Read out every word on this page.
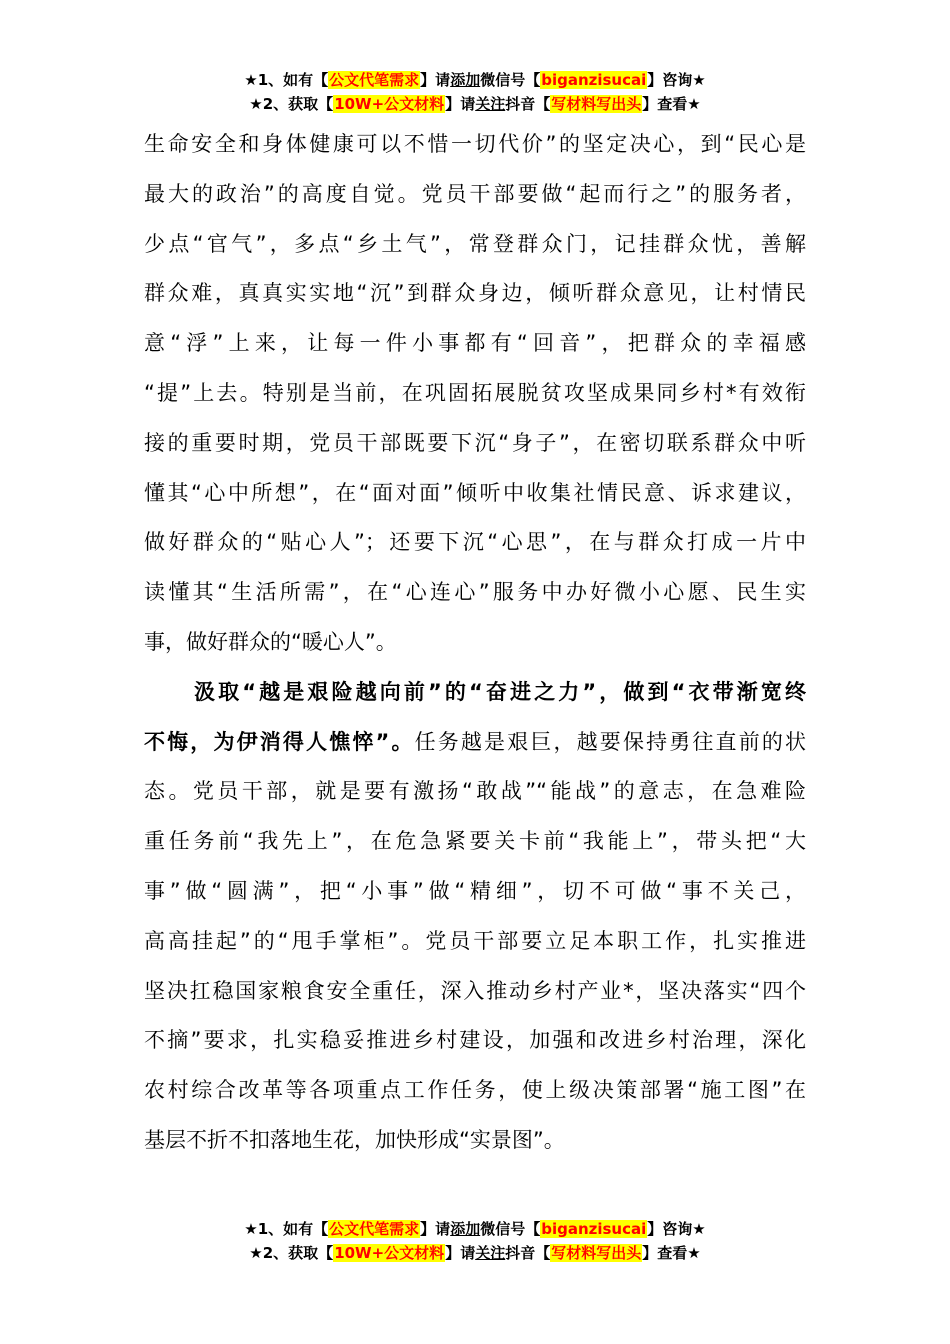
★1、如有【公文代笔需求】请添加微信号【biganzisucai】咨询★
★2、获取【10W+公文材料】请关注抖音【写材料写出头】查看★
生命安全和身体健康可以不惜一切代价”的坚定决心，到“民心是
最大的政治”的高度自觉。党员干部要做“起而行之”的服务者，
少点“官气”，多点“乡土气”，常登群众门，记挂群众忧，善解
群众难，真真实实地“沉”到群众身边，倾听群众意见，让村情民
意“浮”上来，让每一件小事都有“回音”，把群众的幸福感
“提”上去。特别是当前，在巩固拓展脱贫攻坚成果同乡村*有效衔
接的重要时期，党员干部既要下沉“身子”，在密切联系群众中听
懂其“心中所想”，在“面对面”倾听中收集社情民意、诉求建议，
做好群众的“贴心人”；还要下沉“心思”，在与群众打成一片中
读懂其“生活所需”，在“心连心”服务中办好微小心愿、民生实
事，做好群众的“暖心人”。
汲取“越是艰险越向前”的“奋进之力”，做到“衣带渐宽终
不悔，为伊消得人憔悴”。任务越是艰巨，越要保持勇往直前的状
态。党员干部，就是要有激扬“敢战”“能战”的意志，在急难险
重任务前“我先上”，在危急紧要关卡前“我能上”，带头把“大
事”做“圆满”，把“小事”做“精细”，切不可做“事不关己，
高高挂起”的“甩手掌柜”。党员干部要立足本职工作，扎实推进
坚决扛稳国家粮食安全重任，深入推动乡村产业*，坚决落实“四个
不摘”要求，扎实稳妥推进乡村建设，加强和改进乡村治理，深化
农村综合改革等各项重点工作任务，使上级决策部署“施工图”在
基层不折不扣落地生花，加快形成“实景图”。
★1、如有【公文代笔需求】请添加微信号【biganzisucai】咨询★
★2、获取【10W+公文材料】请关注抖音【写材料写出头】查看★
